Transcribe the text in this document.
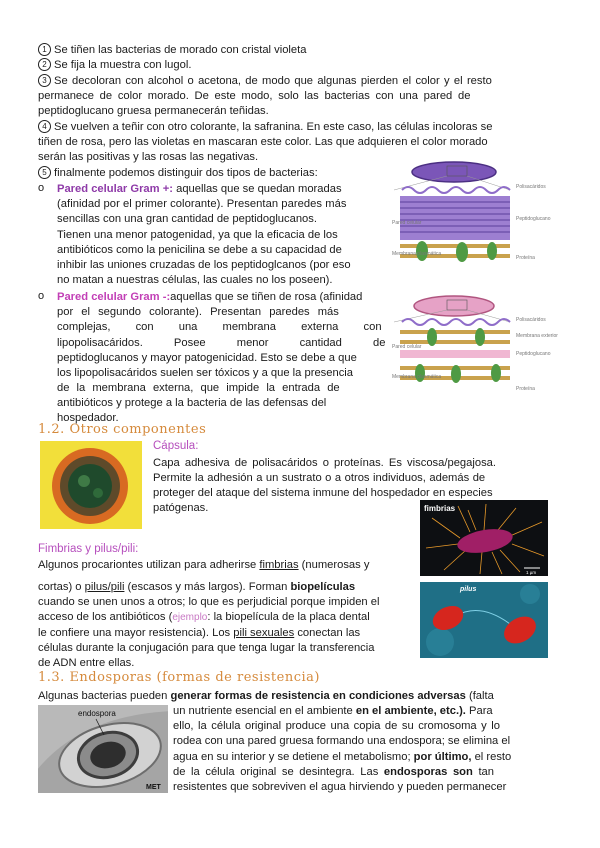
1 Se tiñen las bacterias de morado con cristal violeta
2 Se fija la muestra con lugol.
3 Se decoloran con alcohol o acetona, de modo que algunas pierden el color y el resto
permanece de color morado. De este modo, solo las bacterias con una pared de
peptidoglucano gruesa permanecerán teñidas.
4 Se vuelven a teñir con otro colorante, la safranina. En este caso, las células incoloras se
tiñen de rosa, pero las violetas en mascaran este color. Las que adquieren el color morado
serán las positivas y las rosas las negativas.
5 finalmente podemos distinguir dos tipos de bacterias:
o Pared celular Gram +: aquellas que se quedan moradas
(afinidad por el primer colorante). Presentan paredes más
sencillas con una gran cantidad de peptidoglucanos.
Tienen una menor patogenidad, ya que la eficacia de los
antibióticos como la penicilina se debe a su capacidad de
inhibir las uniones cruzadas de los peptidoglcanos (por eso
no matan a nuestras células, las cuales no los poseen).
o Pared celular Gram -:aquellas que se tiñen de rosa (afinidad
por el segundo colorante). Presentan paredes más
complejas, con una membrana externa con
lipopolisacáridos. Posee menor cantidad de
peptidoglucanos y mayor patogenicidad. Esto se debe a que
los lipopolisacáridos suelen ser tóxicos y a que la presencia
de la membrana externa, que impide la entrada de
antibióticos y protege a la bacteria de las defensas del
hospedador.
Polisacáridos
Pared celular
Peptidoglucano
Membrana plasmática
Proteína
Polisacáridos
Membrana exterior
Pared celular
Peptidoglucano
Membrana plasmática
Proteína
1.2. Otros componentes
Cápsula:
Capa adhesiva de polisacáridos o proteínas. Es viscosa/pegajosa.
Permite la adhesión a un sustrato o a otros individuos, además de
proteger del ataque del sistema inmune del hospedador en especies
patógenas.	fimbrias
1 µm
pilus
Fimbrias y pilus/pili:
Algunos procariontes utilizan para adherirse fimbrias (numerosas y
cortas) o pilus/pili (escasos y más largos). Forman biopelículas
cuando se unen unos a otros; lo que es perjudicial porque impiden el
acceso de los antibióticos (ejemplo: la biopelícula de la placa dental
le confiere una mayor resistencia). Los pili sexuales conectan las
células durante la conjugación para que tenga lugar la transferencia
de ADN entre ellas.
1.3. Endosporas (formas de resistencia)
Algunas bacterias pueden generar formas de resistencia en condiciones adversas (falta
endospora
MET
un nutriente esencial en el ambiente en el ambiente, etc.). Para
ello, la célula original produce una copia de su cromosoma y lo
rodea con una pared gruesa formando una endospora; se elimina el
agua en su interior y se detiene el metabolismo; por último, el resto
de la célula original se desintegra. Las endosporas son tan
resistentes que sobreviven el agua hirviendo y pueden permanecer
